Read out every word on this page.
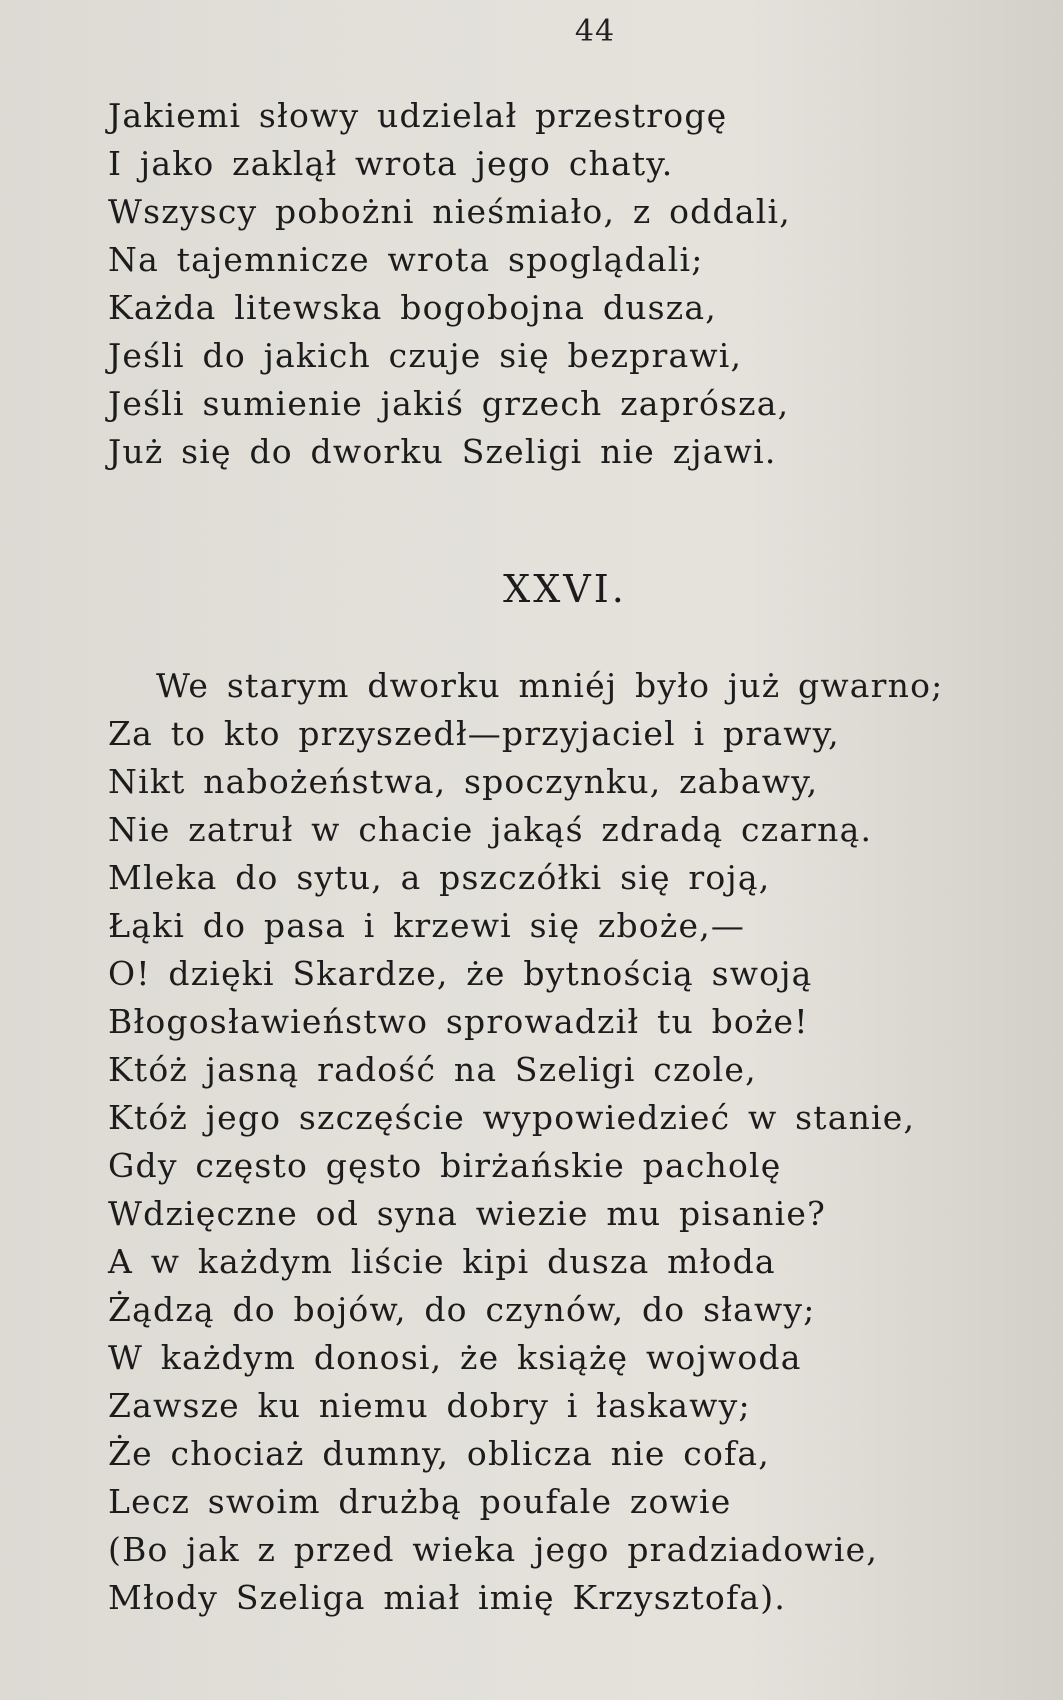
44
Jakiemi słowy udzielał przestrogę
I jako zaklął wrota jego chaty.
Wszyscy pobożni nieśmiało, z oddali,
Na tajemnicze wrota spoglądali;
Każda litewska bogobojna dusza,
Jeśli do jakich czuje się bezprawi,
Jeśli sumienie jakiś grzech zaprósza,
Już się do dworku Szeligi nie zjawi.
XXVI.
We starym dworku mniéj było już gwarno;
Za to kto przyszedł—przyjaciel i prawy,
Nikt nabożeństwa, spoczynku, zabawy,
Nie zatruł w chacie jakąś zdradą czarną.
Mleka do sytu, a pszczółki się roją,
Łąki do pasa i krzewi się zboże,—
O! dzięki Skardze, że bytnością swoją
Błogosławieństwo sprowadził tu boże!
Któż jasną radość na Szeligi czole,
Któż jego szczęście wypowiedzieć w stanie,
Gdy często gęsto birżańskie pacholę
Wdzięczne od syna wiezie mu pisanie?
A w każdym liście kipi dusza młoda
Żądzą do bojów, do czynów, do sławy;
W każdym donosi, że książę wojwoda
Zawsze ku niemu dobry i łaskawy;
Że chociaż dumny, oblicza nie cofa,
Lecz swoim drużbą poufale zowie
(Bo jak z przed wieka jego pradziadowie,
Młody Szeliga miał imię Krzysztofa).
